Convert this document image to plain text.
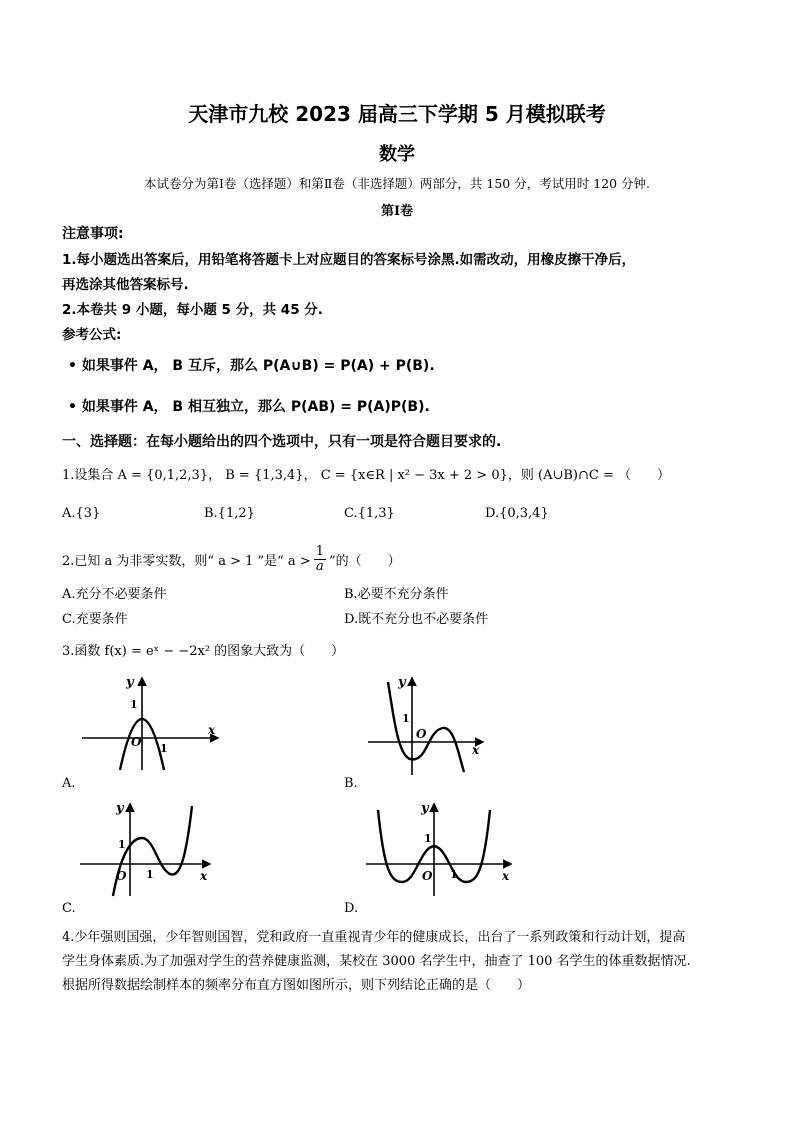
天津市九校 2023 届高三下学期 5 月模拟联考
数学
本试卷分为第Ⅰ卷（选择题）和第Ⅱ卷（非选择题）两部分，共 150 分，考试用时 120 分钟.
第Ⅰ卷
注意事项:
1.每小题选出答案后，用铅笔将答题卡上对应题目的答案标号涂黑.如需改动，用橡皮擦干净后，
再选涂其他答案标号.
2.本卷共 9 小题，每小题 5 分，共 45 分.
参考公式:
• 如果事件 A， B 互斥，那么 P(A∪B) = P(A) + P(B).
• 如果事件 A， B 相互独立，那么 P(AB) = P(A)P(B).
一、选择题：在每小题给出的四个选项中，只有一项是符合题目要求的.
1.设集合 A = {0,1,2,3}， B = {1,3,4}， C = {x∈R | x² − 3x + 2 > 0}，则 (A∪B)∩C = （　　）
A.{3}	B.{1,2}	C.{1,3}	D.{0,3,4}
2.已知 a 为非零实数，则“ a > 1 ”是“ $a > \frac{1}{a}$ ”的（　　）
A.充分不必要条件	B.必要不充分条件
C.充要条件	D.既不充分也不必要条件
3.函数 f(x) = eˣ − −2x² 的图象大致为（　　）
y
x
O
1
1
A.
y
x
O
1
B.
y
x
O
1
1
C.
y
x
O
1
1
D.
4.少年强则国强，少年智则国智，党和政府一直重视青少年的健康成长，出台了一系列政策和行动计划，提高
学生身体素质.为了加强对学生的营养健康监测，某校在 3000 名学生中，抽查了 100 名学生的体重数据情况.
根据所得数据绘制样本的频率分布直方图如图所示，则下列结论正确的是（　　）
